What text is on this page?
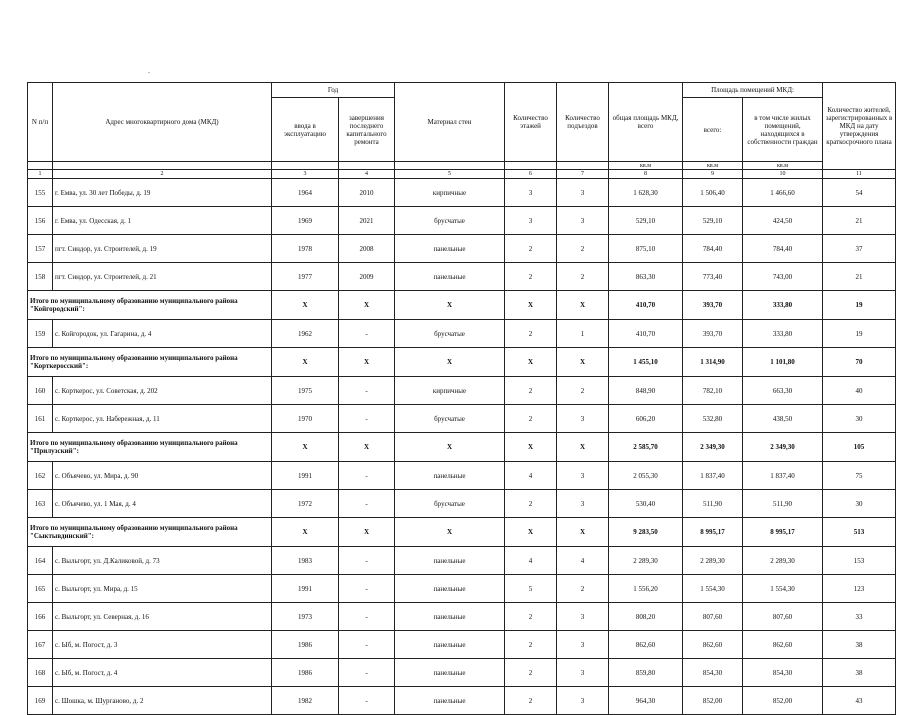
.
N п/п	Адрес многоквартирного дома (МКД)	Год		Материал стен	Количество этажей	Количество подъездов	общая площадь МКД, всего	Площадь помещений МКД:		Количество жителей, зарегистрированных в МКД на дату утверждения краткосрочного плана
		ввода в эксплуатацию	завершения последнего капитального ремонта					всего:	в том числе жилых помещений, находящихся в собственности граждан	
							кв.м	кв.м	кв.м	
1	2	3	4	5	6	7	8	9	10	11
155	г. Емва, ул. 30 лет Победы, д. 19	1964	2010	кирпичные	3	3	1 628,30	1 506,40	1 466,60	54
156	г. Емва, ул. Одесская, д. 1	1969	2021	брусчатые	3	3	529,10	529,10	424,50	21
157	пгт. Синдор, ул. Строителей, д. 19	1978	2008	панельные	2	2	875,10	784,40	784,40	37
158	пгт. Синдор, ул. Строителей, д. 21	1977	2009	панельные	2	2	863,30	773,40	743,00	21
Итого по муниципальному образованию муниципального района "Койгородский":		X	X	X	X	X	410,70	393,70	333,80	19
159	с. Койгородок, ул. Гагарина, д. 4	1962	-	брусчатые	2	1	410,70	393,70	333,80	19
Итого по муниципальному образованию муниципального района "Корткеросский":		X	X	X	X	X	1 455,10	1 314,90	1 101,80	70
160	с. Корткерос, ул. Советская, д. 202	1975	-	кирпичные	2	2	848,90	782,10	663,30	40
161	с. Корткерос, ул. Набережная, д. 11	1970	-	брусчатые	2	3	606,20	532,80	438,50	30
Итого по муниципальному образованию муниципального района "Прилузский":		X	X	X	X	X	2 585,70	2 349,30	2 349,30	105
162	с. Объячево, ул. Мира, д. 90	1991	-	панельные	4	3	2 055,30	1 837,40	1 837,40	75
163	с. Объячево, ул. 1 Мая, д. 4	1972	-	брусчатые	2	3	530,40	511,90	511,90	30
Итого по муниципальному образованию муниципального района "Сыктывдинский":		X	X	X	X	X	9 283,50	8 995,17	8 995,17	513
164	с. Выльгорт, ул. Д.Каликовой, д. 73	1983	-	панельные	4	4	2 289,30	2 289,30	2 289,30	153
165	с. Выльгорт, ул. Мира, д. 15	1991	-	панельные	5	2	1 556,20	1 554,30	1 554,30	123
166	с. Выльгорт, ул. Северная, д. 16	1973	-	панельные	2	3	808,20	807,60	807,60	33
167	с. Ыб, м. Погост, д. 3	1986	-	панельные	2	3	862,60	862,60	862,60	38
168	с. Ыб, м. Погост, д. 4	1986	-	панельные	2	3	859,80	854,30	854,30	38
169	с. Шошка, м. Шурганово, д. 2	1982	-	панельные	2	3	964,30	852,00	852,00	43
